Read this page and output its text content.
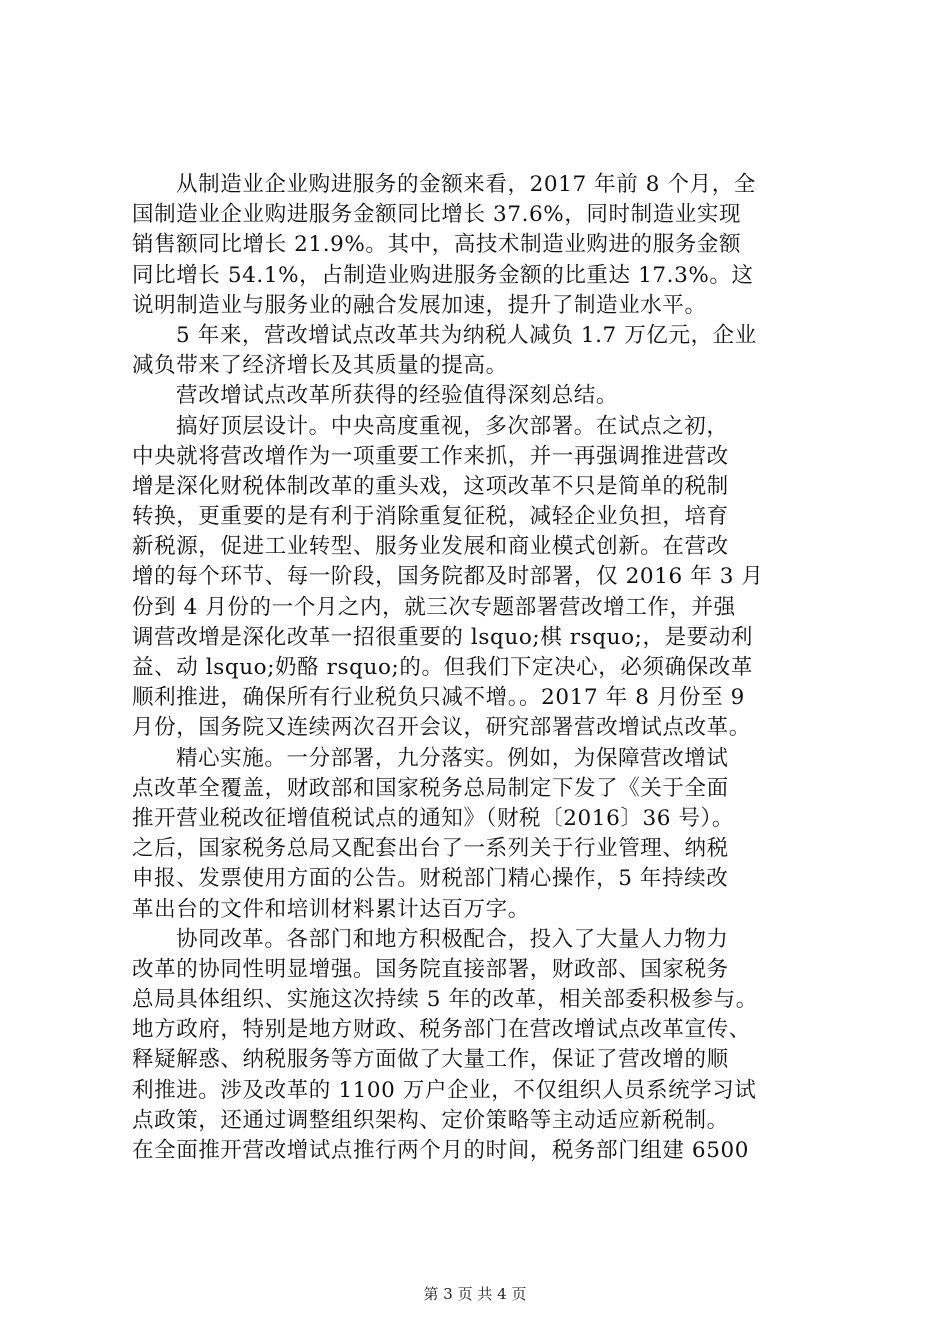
从制造业企业购进服务的金额来看，2017 年前 8 个月，全
国制造业企业购进服务金额同比增长 37.6%，同时制造业实现
销售额同比增长 21.9%。其中，高技术制造业购进的服务金额
同比增长 54.1%，占制造业购进服务金额的比重达 17.3%。这
说明制造业与服务业的融合发展加速，提升了制造业水平。
5 年来，营改增试点改革共为纳税人减负 1.7 万亿元，企业
减负带来了经济增长及其质量的提高。
营改增试点改革所获得的经验值得深刻总结。
搞好顶层设计。中央高度重视，多次部署。在试点之初，
中央就将营改增作为一项重要工作来抓，并一再强调推进营改
增是深化财税体制改革的重头戏，这项改革不只是简单的税制
转换，更重要的是有利于消除重复征税，减轻企业负担，培育
新税源，促进工业转型、服务业发展和商业模式创新。在营改
增的每个环节、每一阶段，国务院都及时部署，仅 2016 年 3 月
份到 4 月份的一个月之内，就三次专题部署营改增工作，并强
调营改增是深化改革一招很重要的 lsquo;棋 rsquo;，是要动利
益、动 lsquo;奶酪 rsquo;的。但我们下定决心，必须确保改革
顺利推进，确保所有行业税负只减不增。。2017 年 8 月份至 9
月份，国务院又连续两次召开会议，研究部署营改增试点改革。
精心实施。一分部署，九分落实。例如，为保障营改增试
点改革全覆盖，财政部和国家税务总局制定下发了《关于全面
推开营业税改征增值税试点的通知》（财税〔2016〕36 号）。
之后，国家税务总局又配套出台了一系列关于行业管理、纳税
申报、发票使用方面的公告。财税部门精心操作，5 年持续改
革出台的文件和培训材料累计达百万字。
协同改革。各部门和地方积极配合，投入了大量人力物力
改革的协同性明显增强。国务院直接部署，财政部、国家税务
总局具体组织、实施这次持续 5 年的改革，相关部委积极参与。
地方政府，特别是地方财政、税务部门在营改增试点改革宣传、
释疑解惑、纳税服务等方面做了大量工作，保证了营改增的顺
利推进。涉及改革的 1100 万户企业，不仅组织人员系统学习试
点政策，还通过调整组织架构、定价策略等主动适应新税制。
在全面推开营改增试点推行两个月的时间，税务部门组建 6500
第 3 页 共 4 页
